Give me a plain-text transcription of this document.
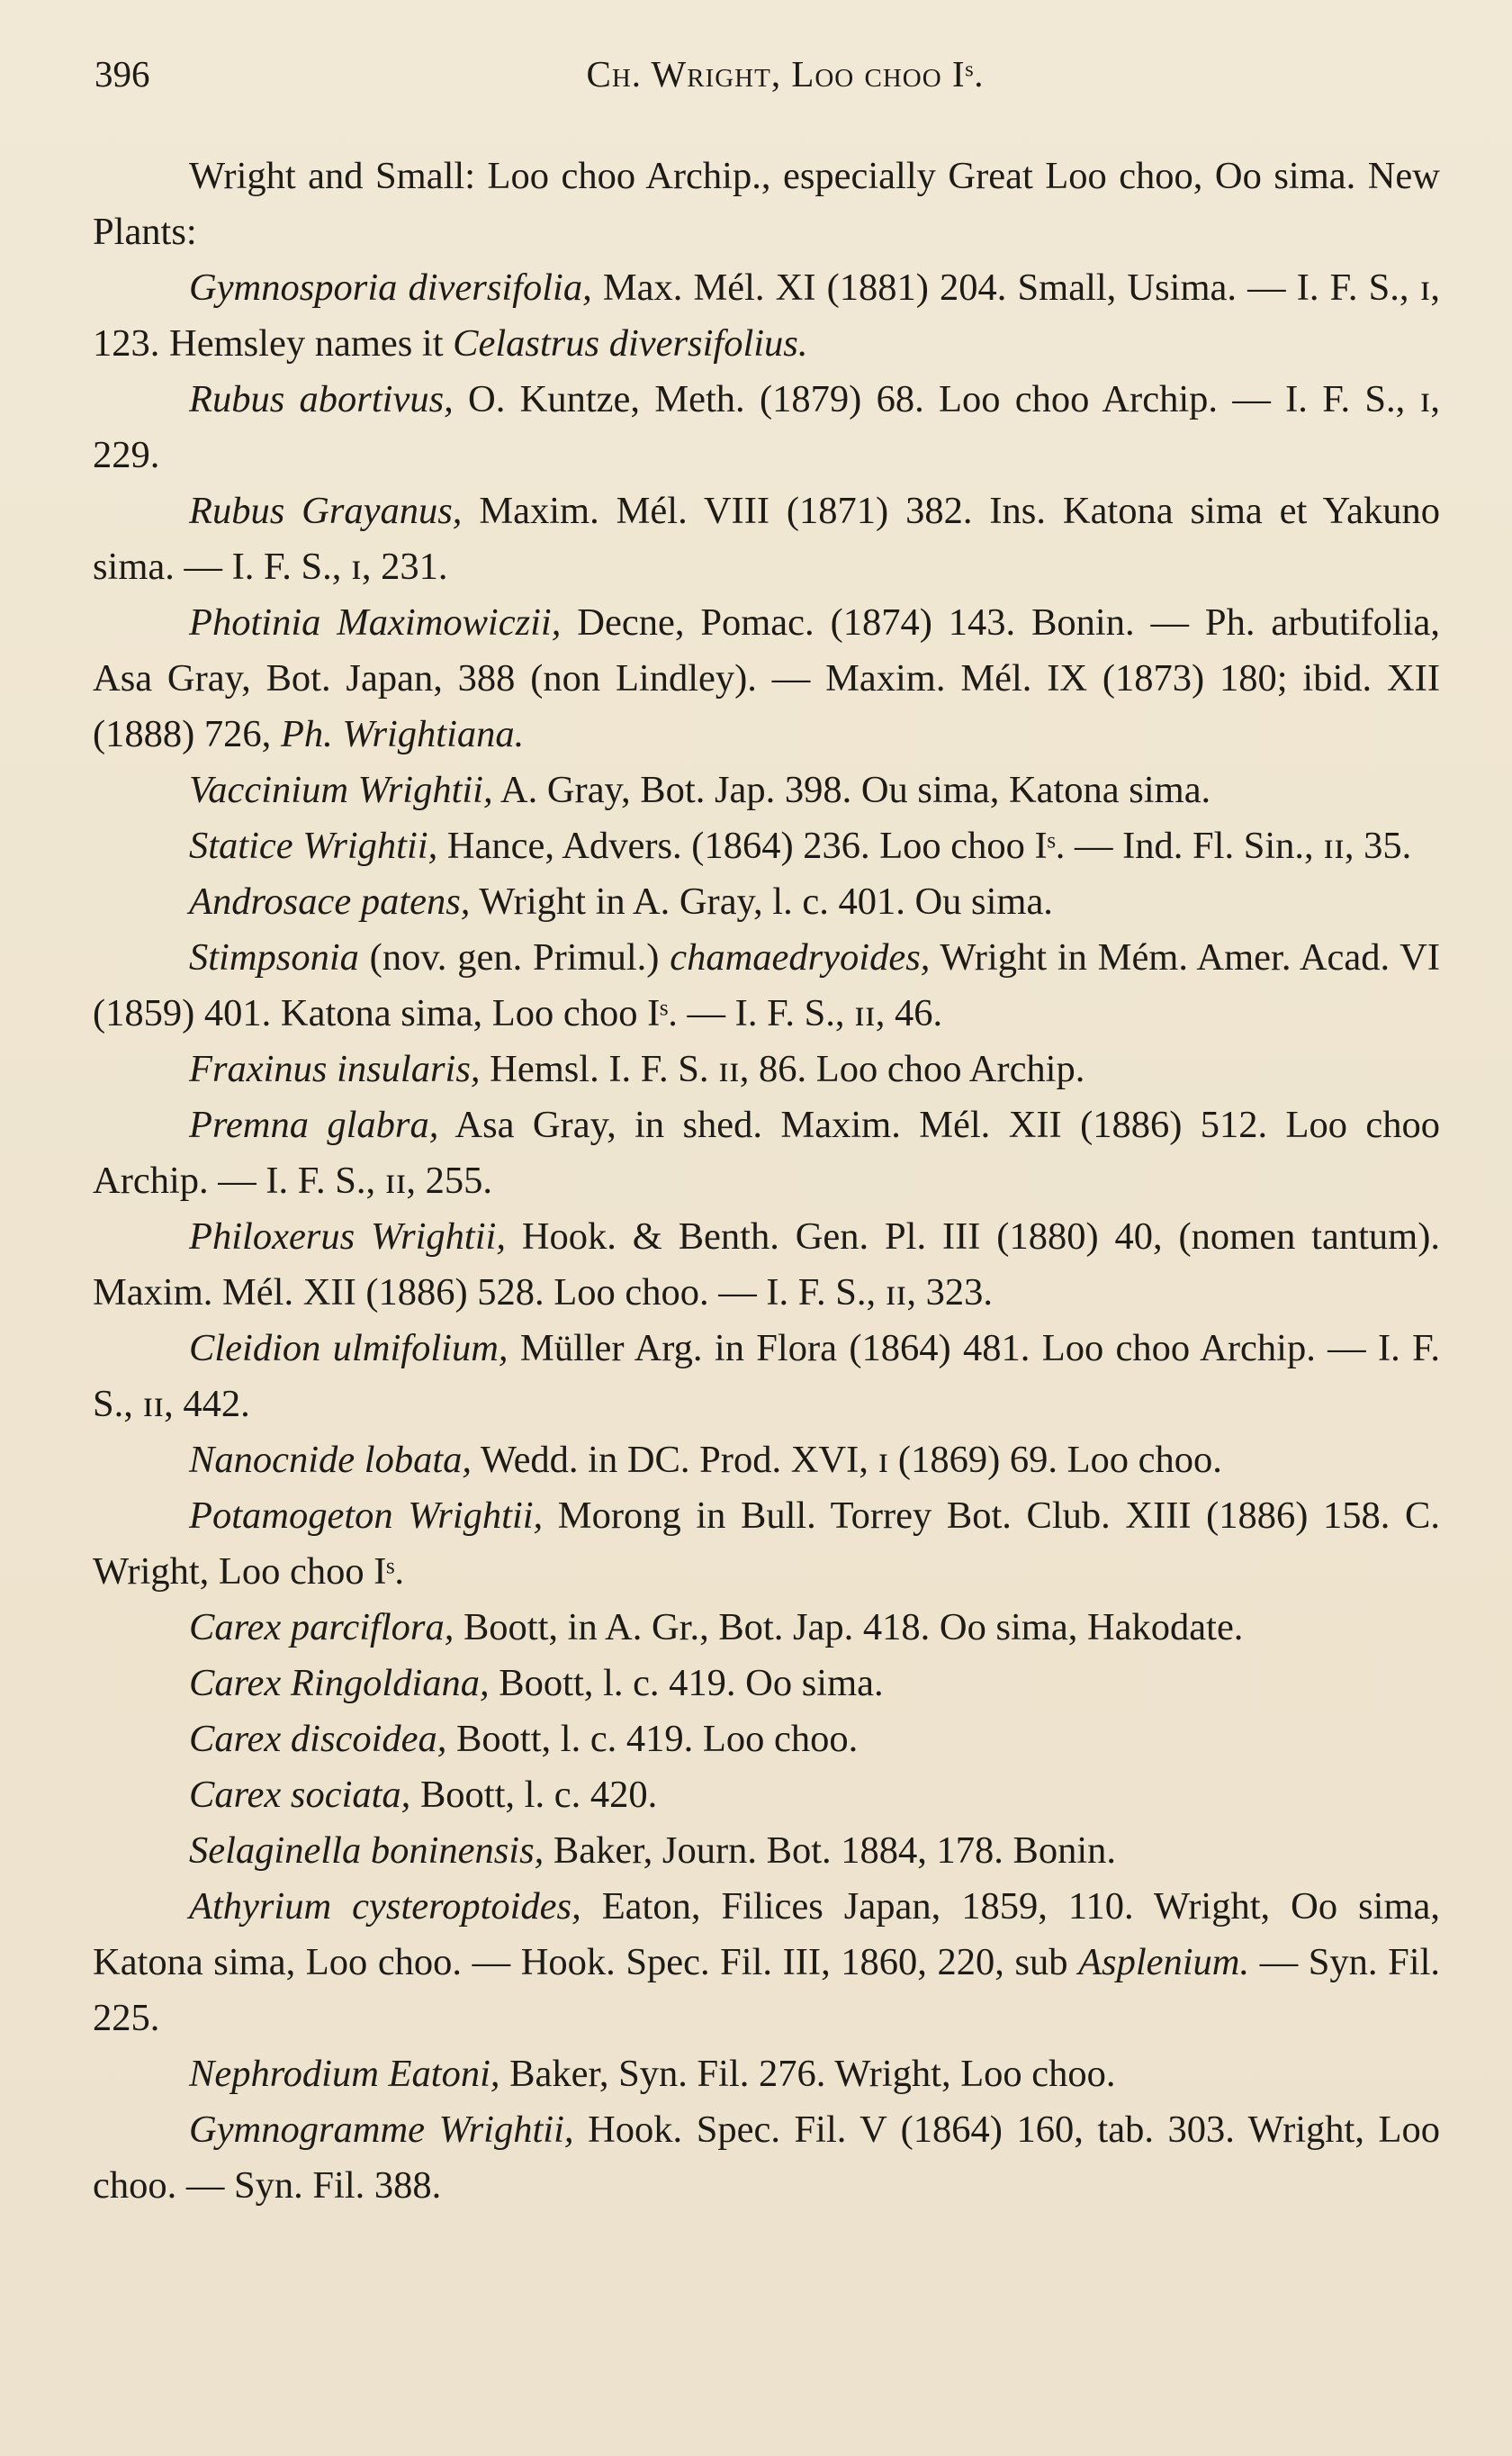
396	Ch. Wright, Loo choo Iˢ.

Wright and Small: Loo choo Archip., especially Great Loo choo, Oo sima. New Plants:

Gymnosporia diversifolia, Max. Mél. XI (1881) 204. Small, Usima. — I. F. S., ɪ, 123. Hemsley names it Celastrus diversifolius.

Rubus abortivus, O. Kuntze, Meth. (1879) 68. Loo choo Archip. — I. F. S., ɪ, 229.

Rubus Grayanus, Maxim. Mél. VIII (1871) 382. Ins. Katona sima et Yakuno sima. — I. F. S., ɪ, 231.

Photinia Maximowiczii, Decne, Pomac. (1874) 143. Bonin. — Ph. arbutifolia, Asa Gray, Bot. Japan, 388 (non Lindley). — Maxim. Mél. IX (1873) 180; ibid. XII (1888) 726, Ph. Wrightiana.

Vaccinium Wrightii, A. Gray, Bot. Jap. 398. Ou sima, Katona sima.

Statice Wrightii, Hance, Advers. (1864) 236. Loo choo Iˢ. — Ind. Fl. Sin., ɪɪ, 35.

Androsace patens, Wright in A. Gray, l. c. 401. Ou sima.

Stimpsonia (nov. gen. Primul.) chamaedryoides, Wright in Mém. Amer. Acad. VI (1859) 401. Katona sima, Loo choo Iˢ. — I. F. S., ɪɪ, 46.

Fraxinus insularis, Hemsl. I. F. S. ɪɪ, 86. Loo choo Archip.

Premna glabra, Asa Gray, in shed. Maxim. Mél. XII (1886) 512. Loo choo Archip. — I. F. S., ɪɪ, 255.

Philoxerus Wrightii, Hook. & Benth. Gen. Pl. III (1880) 40, (nomen tantum). Maxim. Mél. XII (1886) 528. Loo choo. — I. F. S., ɪɪ, 323.

Cleidion ulmifolium, Müller Arg. in Flora (1864) 481. Loo choo Archip. — I. F. S., ɪɪ, 442.

Nanocnide lobata, Wedd. in DC. Prod. XVI, ɪ (1869) 69. Loo choo.

Potamogeton Wrightii, Morong in Bull. Torrey Bot. Club. XIII (1886) 158. C. Wright, Loo choo Iˢ.

Carex parciflora, Boott, in A. Gr., Bot. Jap. 418. Oo sima, Hakodate.

Carex Ringoldiana, Boott, l. c. 419. Oo sima.

Carex discoidea, Boott, l. c. 419. Loo choo.

Carex sociata, Boott, l. c. 420.

Selaginella boninensis, Baker, Journ. Bot. 1884, 178. Bonin.

Athyrium cysteroptoides, Eaton, Filices Japan, 1859, 110. Wright, Oo sima, Katona sima, Loo choo. — Hook. Spec. Fil. III, 1860, 220, sub Asplenium. — Syn. Fil. 225.

Nephrodium Eatoni, Baker, Syn. Fil. 276. Wright, Loo choo.

Gymnogramme Wrightii, Hook. Spec. Fil. V (1864) 160, tab. 303. Wright, Loo choo. — Syn. Fil. 388.
